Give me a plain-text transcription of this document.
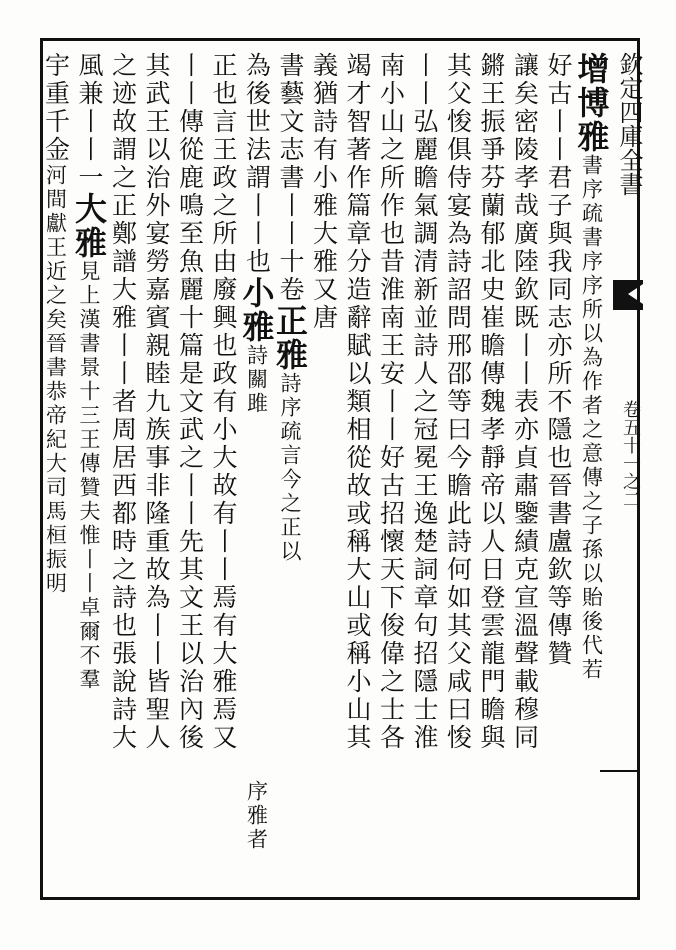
欽定四庫全書
卷五十一之二
增博雅書序疏書序序所以為作者之意傳之子孫以貽後代若
好古丨丨君子與我同志亦所不隱也晉書盧欽等傳贊
讓矣密陵孝哉廣陸欽既丨丨表亦貞肅鑒績克宣溫聲載穆同
鏘王振爭芬蘭郁北史崔瞻傳魏孝靜帝以人日登雲龍門瞻與
其父悛俱侍宴為詩詔問邢邵等曰今瞻此詩何如其父咸曰悛
丨丨弘麗瞻氣調清新並詩人之冠冕王逸楚詞章句招隱士淮
南小山之所作也昔淮南王安丨丨好古招懷天下俊偉之士各
竭才智著作篇章分造辭賦以類相從故或稱大山或稱小山其
義猶詩有小雅大雅又唐
書藝文志書丨丨十卷正雅詩序疏言今之正以
為後世法謂丨丨也小雅詩關雎
正也言王政之所由廢興也政有小大故有丨丨焉有大雅焉又
丨丨傳從鹿鳴至魚麗十篇是文武之丨丨先其文王以治內後
其武王以治外宴勞嘉賓親睦九族事非隆重故為丨丨皆聖人
之迹故謂之正鄭譜大雅丨丨者周居西都時之詩也張說詩大
風兼丨丨一大雅見上漢書景十三王傳贊夫惟丨丨卓爾不羣
宇重千金河間獻王近之矣晉書恭帝紀大司馬桓振明
序雅者
